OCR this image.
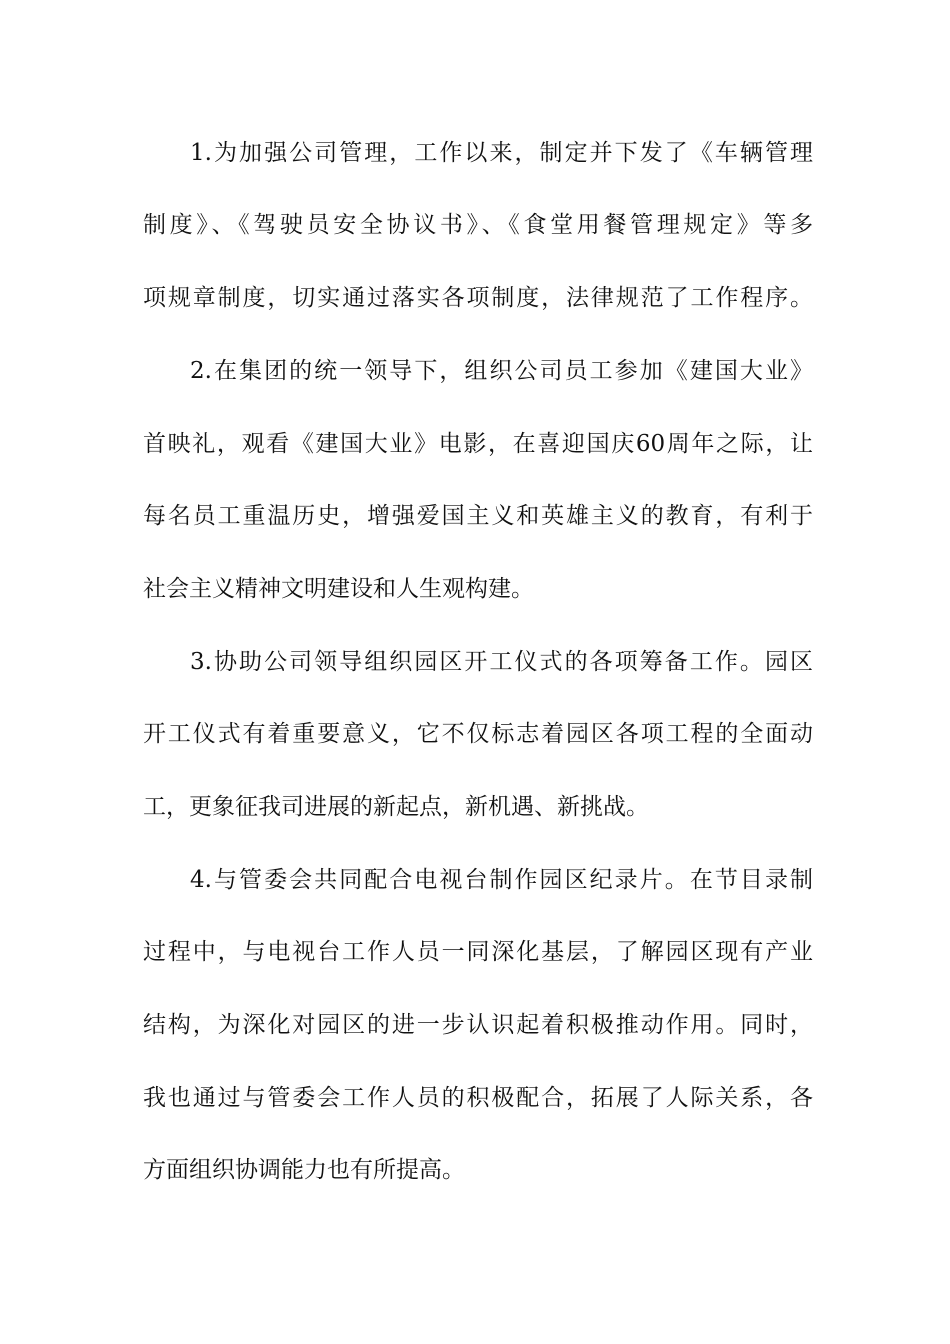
1.为加强公司管理，工作以来，制定并下发了《车辆管理
制度》、《驾驶员安全协议书》、《食堂用餐管理规定》等多
项规章制度，切实通过落实各项制度，法律规范了工作程序。
2.在集团的统一领导下，组织公司员工参加《建国大业》
首映礼，观看《建国大业》电影，在喜迎国庆60周年之际，让
每名员工重温历史，增强爱国主义和英雄主义的教育，有利于
社会主义精神文明建设和人生观构建。
3.协助公司领导组织园区开工仪式的各项筹备工作。园区
开工仪式有着重要意义，它不仅标志着园区各项工程的全面动
工，更象征我司进展的新起点，新机遇、新挑战。
4.与管委会共同配合电视台制作园区纪录片。在节目录制
过程中，与电视台工作人员一同深化基层，了解园区现有产业
结构，为深化对园区的进一步认识起着积极推动作用。同时，
我也通过与管委会工作人员的积极配合，拓展了人际关系，各
方面组织协调能力也有所提高。
